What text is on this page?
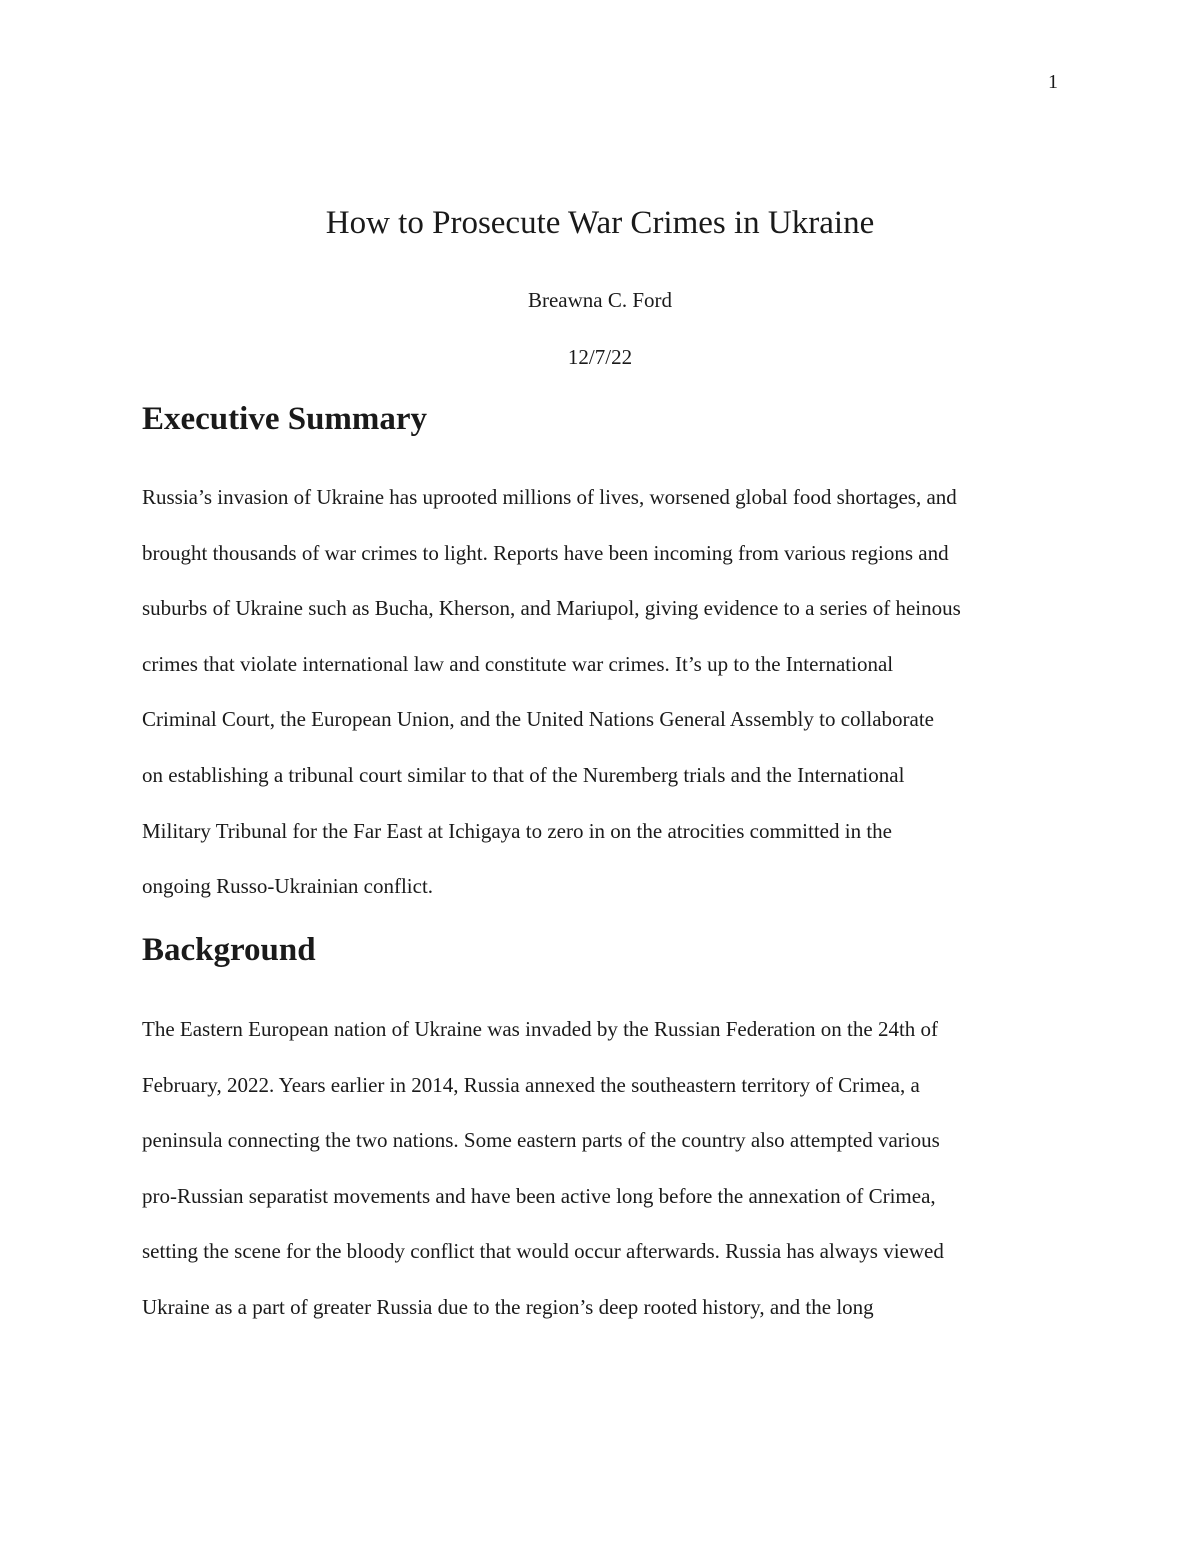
1
How to Prosecute War Crimes in Ukraine
Breawna C. Ford
12/7/22
Executive Summary

Russia’s invasion of Ukraine has uprooted millions of lives, worsened global food shortages, and
brought thousands of war crimes to light. Reports have been incoming from various regions and
suburbs of Ukraine such as Bucha, Kherson, and Mariupol, giving evidence to a series of heinous
crimes that violate international law and constitute war crimes. It’s up to the International
Criminal Court, the European Union, and the United Nations General Assembly to collaborate
on establishing a tribunal court similar to that of the Nuremberg trials and the International
Military Tribunal for the Far East at Ichigaya to zero in on the atrocities committed in the
ongoing Russo-Ukrainian conflict.

Background

The Eastern European nation of Ukraine was invaded by the Russian Federation on the 24th of
February, 2022. Years earlier in 2014, Russia annexed the southeastern territory of Crimea, a
peninsula connecting the two nations. Some eastern parts of the country also attempted various
pro-Russian separatist movements and have been active long before the annexation of Crimea,
setting the scene for the bloody conflict that would occur afterwards. Russia has always viewed
Ukraine as a part of greater Russia due to the region’s deep rooted history, and the long
